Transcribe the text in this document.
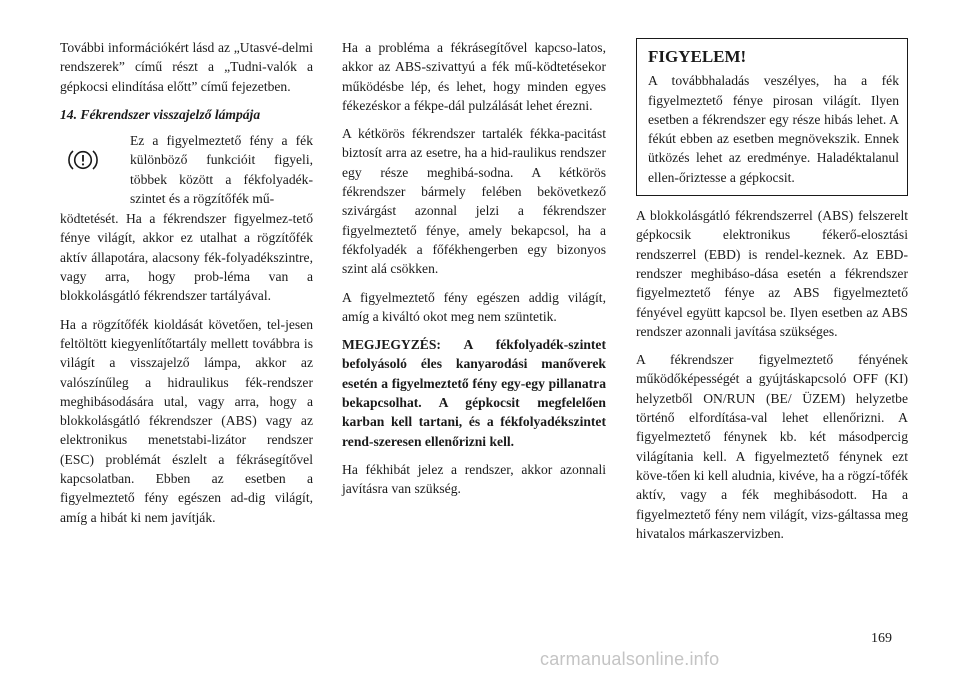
További információkért lásd az „Utasvé-delmi rendszerek” című részt a „Tudni-valók a gépkocsi elindítása előtt” című fejezetben.

14. Fékrendszer visszajelző lámpája

Ez a figyelmeztető fény a fék különböző funkcióit figyeli, többek között a fékfolyadék-szintet és a rögzítőfék mű-

ködtetését. Ha a fékrendszer figyelmez-tető fénye világít, akkor ez utalhat a rögzítőfék aktív állapotára, alacsony fék-folyadékszintre, vagy arra, hogy prob-léma van a blokkolásgátló fékrendszer tartályával.

Ha a rögzítőfék kioldását követően, tel-jesen feltöltött kiegyenlítőtartály mellett továbbra is világít a visszajelző lámpa, akkor az valószínűleg a hidraulikus fék-rendszer meghibásodására utal, vagy arra, hogy a blokkolásgátló fékrendszer (ABS) vagy az elektronikus menetstabi-lizátor rendszer (ESC) problémát észlelt a fékrásegítővel kapcsolatban. Ebben az esetben a figyelmeztető fény egészen ad-dig világít, amíg a hibát ki nem javítják.

Ha a probléma a fékrásegítővel kapcso-latos, akkor az ABS-szivattyú a fék mű-ködtetésekor működésbe lép, és lehet, hogy minden egyes fékezéskor a fékpe-dál pulzálását lehet érezni.

A kétkörös fékrendszer tartalék fékka-pacitást biztosít arra az esetre, ha a hid-raulikus rendszer egy része meghibá-sodna. A kétkörös fékrendszer bármely felében bekövetkező szivárgást azonnal jelzi a fékrendszer figyelmeztető fénye, amely bekapcsol, ha a fékfolyadék a főfékhengerben egy bizonyos szint alá csökken.

A figyelmeztető fény egészen addig világít, amíg a kiváltó okot meg nem szüntetik.

MEGJEGYZÉS: A fékfolyadék-szintet befolyásoló éles kanyarodási manőverek esetén a figyelmeztető fény egy-egy pillanatra bekapcsolhat. A gépkocsit megfelelően karban kell tartani, és a fékfolyadékszintet rend-szeresen ellenőrizni kell.

Ha fékhibát jelez a rendszer, akkor azonnali javításra van szükség.

FIGYELEM!

A továbbhaladás veszélyes, ha a fék figyelmeztető fénye pirosan világít. Ilyen esetben a fékrendszer egy része hibás lehet. A fékút ebben az esetben megnövekszik. Ennek ütközés lehet az eredménye. Haladéktalanul ellen-őriztesse a gépkocsit.

A blokkolásgátló fékrendszerrel (ABS) felszerelt gépkocsik elektronikus fékerő-elosztási rendszerrel (EBD) is rendel-keznek. Az EBD-rendszer meghibáso-dása esetén a fékrendszer figyelmeztető fénye az ABS figyelmeztető fényével együtt kapcsol be. Ilyen esetben az ABS rendszer azonnali javítása szükséges.

A fékrendszer figyelmeztető fényének működőképességét a gyújtáskapcsoló OFF (KI) helyzetből ON/RUN (BE/ ÜZEM) helyzetbe történő elfordítása-val lehet ellenőrizni. A figyelmeztető fénynek kb. két másodpercig világítania kell. A figyelmeztető fénynek ezt köve-tően ki kell aludnia, kivéve, ha a rögzí-tőfék aktív, vagy a fék meghibásodott. Ha a figyelmeztető fény nem világít, vizs-gáltassa meg hivatalos márkaszervizben.

169
carmanualsonline.info
